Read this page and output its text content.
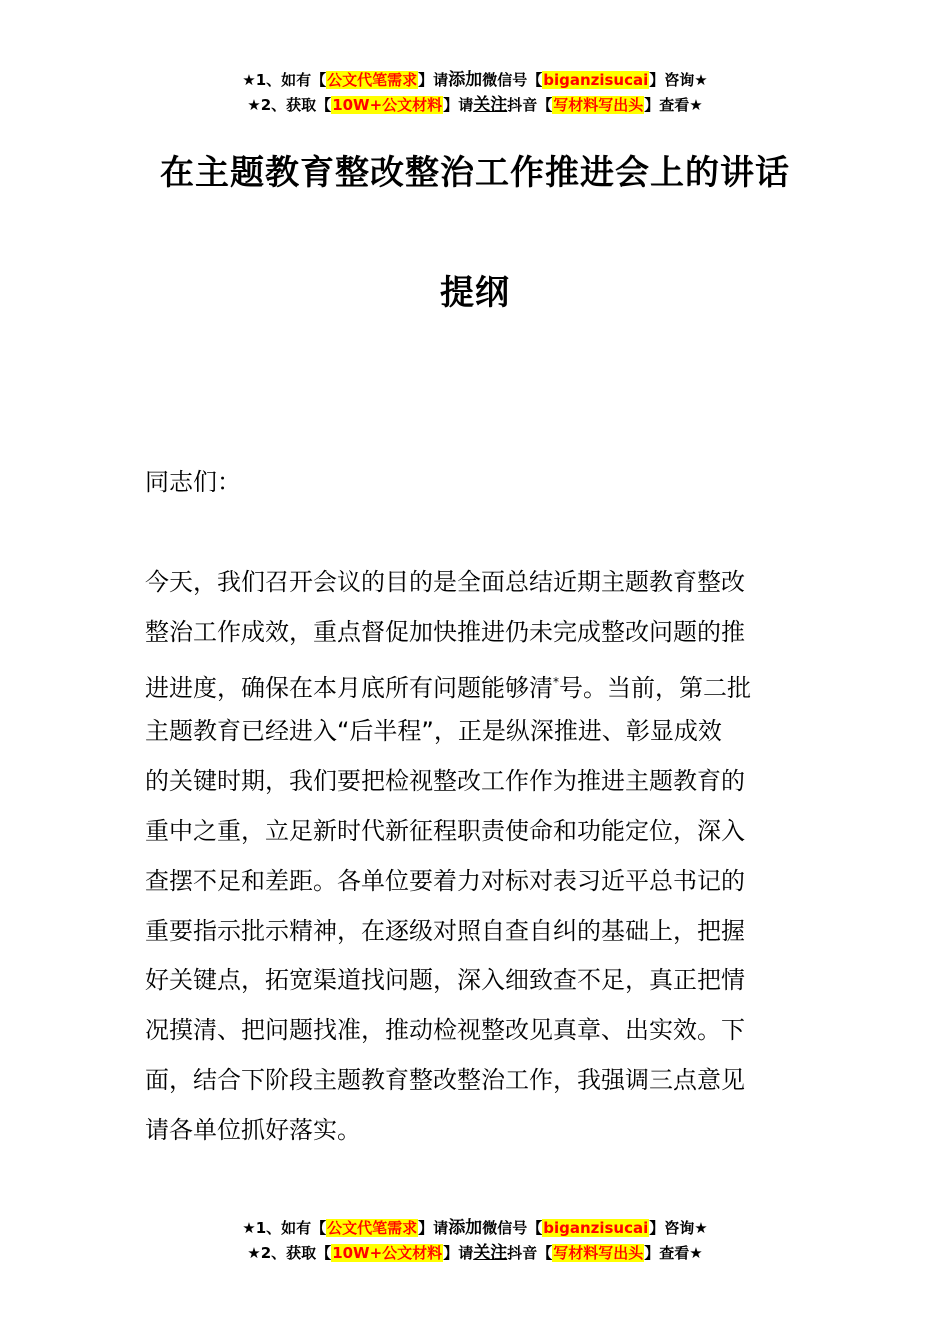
★1、如有【公文代笔需求】请添加微信号【biganzisucai】咨询★
★2、获取【10W+公文材料】请关注抖音【写材料写出头】查看★
在主题教育整改整治工作推进会上的讲话
提纲
同志们：
今天，我们召开会议的目的是全面总结近期主题教育整改
整治工作成效，重点督促加快推进仍未完成整改问题的推
进进度，确保在本月底所有问题能够清*号。当前，第二批
主题教育已经进入“后半程”，正是纵深推进、彰显成效
的关键时期，我们要把检视整改工作作为推进主题教育的
重中之重，立足新时代新征程职责使命和功能定位，深入
查摆不足和差距。各单位要着力对标对表习近平总书记的
重要指示批示精神，在逐级对照自查自纠的基础上，把握
好关键点，拓宽渠道找问题，深入细致查不足，真正把情
况摸清、把问题找准，推动检视整改见真章、出实效。下
面，结合下阶段主题教育整改整治工作，我强调三点意见
请各单位抓好落实。
★1、如有【公文代笔需求】请添加微信号【biganzisucai】咨询★
★2、获取【10W+公文材料】请关注抖音【写材料写出头】查看★
